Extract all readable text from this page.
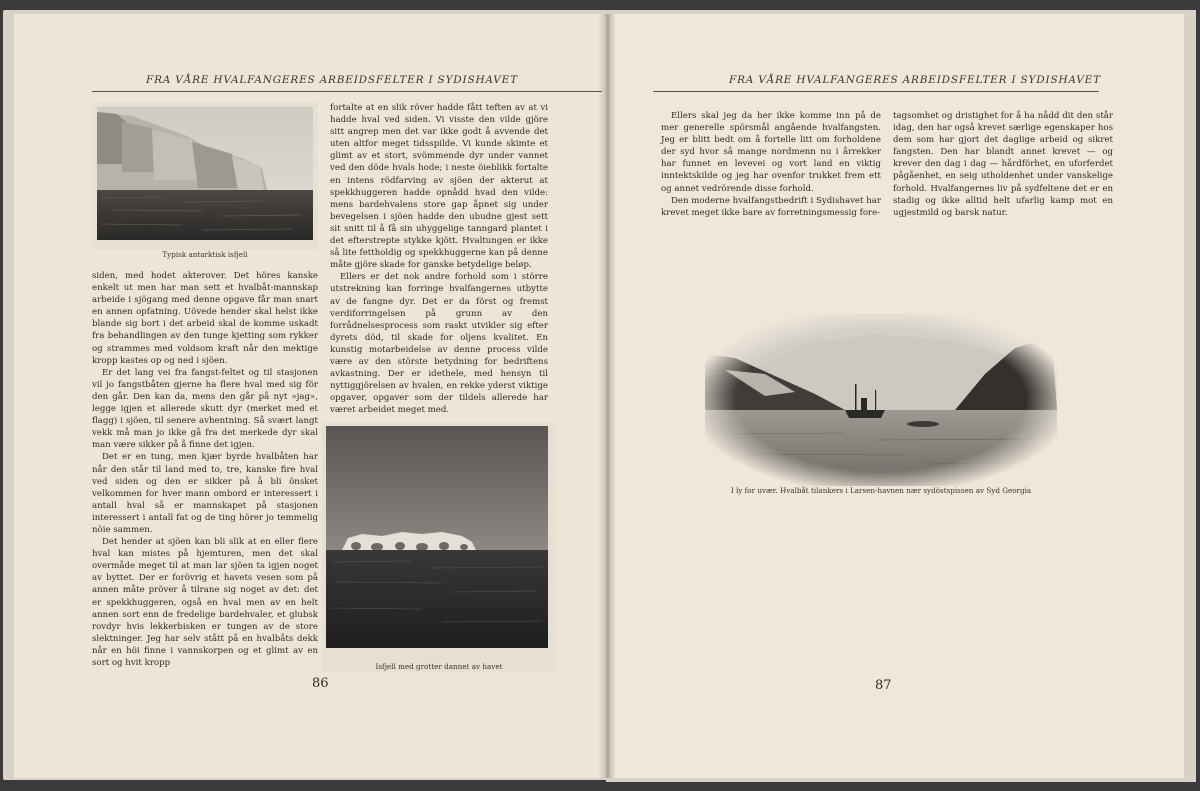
FRA VÅRE HVALFANGERES ARBEIDSFELTER I SYDISHAVET
Typisk antarktisk isfjell

siden, med hodet akterover. Det höres kanske enkelt ut men har man sett et hvalbåt-mannskap arbeide i sjögang med denne opgave får man snart en annen opfatning. Uövede hender skal helst ikke blande sig bort i det arbeid skal de komme uskadt fra behandlingen av den tunge kjetting som rykker og strammes med voldsom kraft når den mektige kropp kastes op og ned i sjöen.

Er det lang vei fra fangst-feltet og til stasjonen vil jo fangstbåten gjerne ha flere hval med sig för den går. Den kan da, mens den går på nyt »jag», legge igjen et allerede skutt dyr (merket med et flagg) i sjöen, til senere avhentning. Så svært langt vekk må man jo ikke gå fra det merkede dyr skal man være sikker på å finne det igjen.

Det er en tung, men kjær byrde hvalbåten har når den står til land med to, tre, kanske fire hval ved siden og den er sikker på å bli önsket velkommen for hver mann ombord er interessert i antall hval så er mannskapet på stasjonen interessert i antall fat og de ting hörer jo temmelig nöie sammen.

Det hender at sjöen kan bli slik at en eller flere hval kan mistes på hjemturen, men det skal overmåde meget til at man lar sjöen ta igjen noget av byttet. Der er forövrig et havets vesen som på annen måte pröver å tilrane sig noget av det: det er spekkhuggeren, også en hval men av en helt annen sort enn de fredelige bardehvaler, et glubsk rovdyr hvis lekkerbisken er tungen av de store slektninger. Jeg har selv stått på en hvalbåts dekk når en höi finne i vannskorpen og et glimt av en sort og hvit kropp

fortalte at en slik röver hadde fått teften av at vi hadde hval ved siden. Vi visste den vilde gjöre sitt angrep men det var ikke godt å avvende det uten altfor meget tidsspilde. Vi kunde skimte et glimt av et stort, svömmende dyr under vannet ved den döde hvals hode; i neste öieblikk fortalte en intens rödfarving av sjöen der akterut at spekkhuggeren hadde opnådd hvad den vilde: mens bardehvalens store gap åpnet sig under bevegelsen i sjöen hadde den ubudne gjest sett sit snitt til å få sin uhyggelige tanngard plantet i det efterstrepte stykke kjött. Hvaltungen er ikke så lite fettholdig og spekkhuggerne kan på denne måte gjöre skade for ganske betydelige beløp.

Ellers er det nok andre forhold som i större utstrekning kan forringe hvalfangernes utbytte av de fangne dyr. Det er da först og fremst verdiforringelsen på grunn av den forrådnelsesprocess som raskt utvikler sig efter dyrets död, til skade for oljens kvalitet. En kunstig motarbeidelse av denne process vilde være av den störste betydning for bedriftens avkastning. Der er idethele, med hensyn til nyttiggjörelsen av hvalen, en rekke yderst viktige opgaver, opgaver som der tildels allerede har været arbeidet meget med.

Isfjell med grotter dannet av havet
86
FRA VÅRE HVALFANGERES ARBEIDSFELTER I SYDISHAVET

Ellers skal jeg da her ikke komme inn på de mer generelle spörsmål angående hvalfangsten. Jeg er blitt bedt om å fortelle litt om forholdene der syd hvor så mange nordmenn nu i årrekker har funnet en levevei og vort land en viktig inntektskilde og jeg har ovenfor trukket frem ett og annet vedrörende disse forhold.

Den moderne hvalfangstbedrift i Sydishavet har krevet meget ikke bare av forretningsmessig fore-

tagsomhet og dristighet for å ha nådd dit den står idag, den har også krevet særlige egenskaper hos dem som har gjort det daglige arbeid og sikret fangsten. Den har blandt annet krevet — og krever den dag i dag — hårdförhet, en uforferdet pågåenhet, en seig utholdenhet under vanskelige forhold. Hvalfangernes liv på sydfeltene det er en stadig og ikke alltid helt ufarlig kamp mot en ugjestmild og barsk natur.

I ly for uvær. Hvalbåt tilankers i Larsen-havnen nær sydöstspissen av Syd Georgia
87
